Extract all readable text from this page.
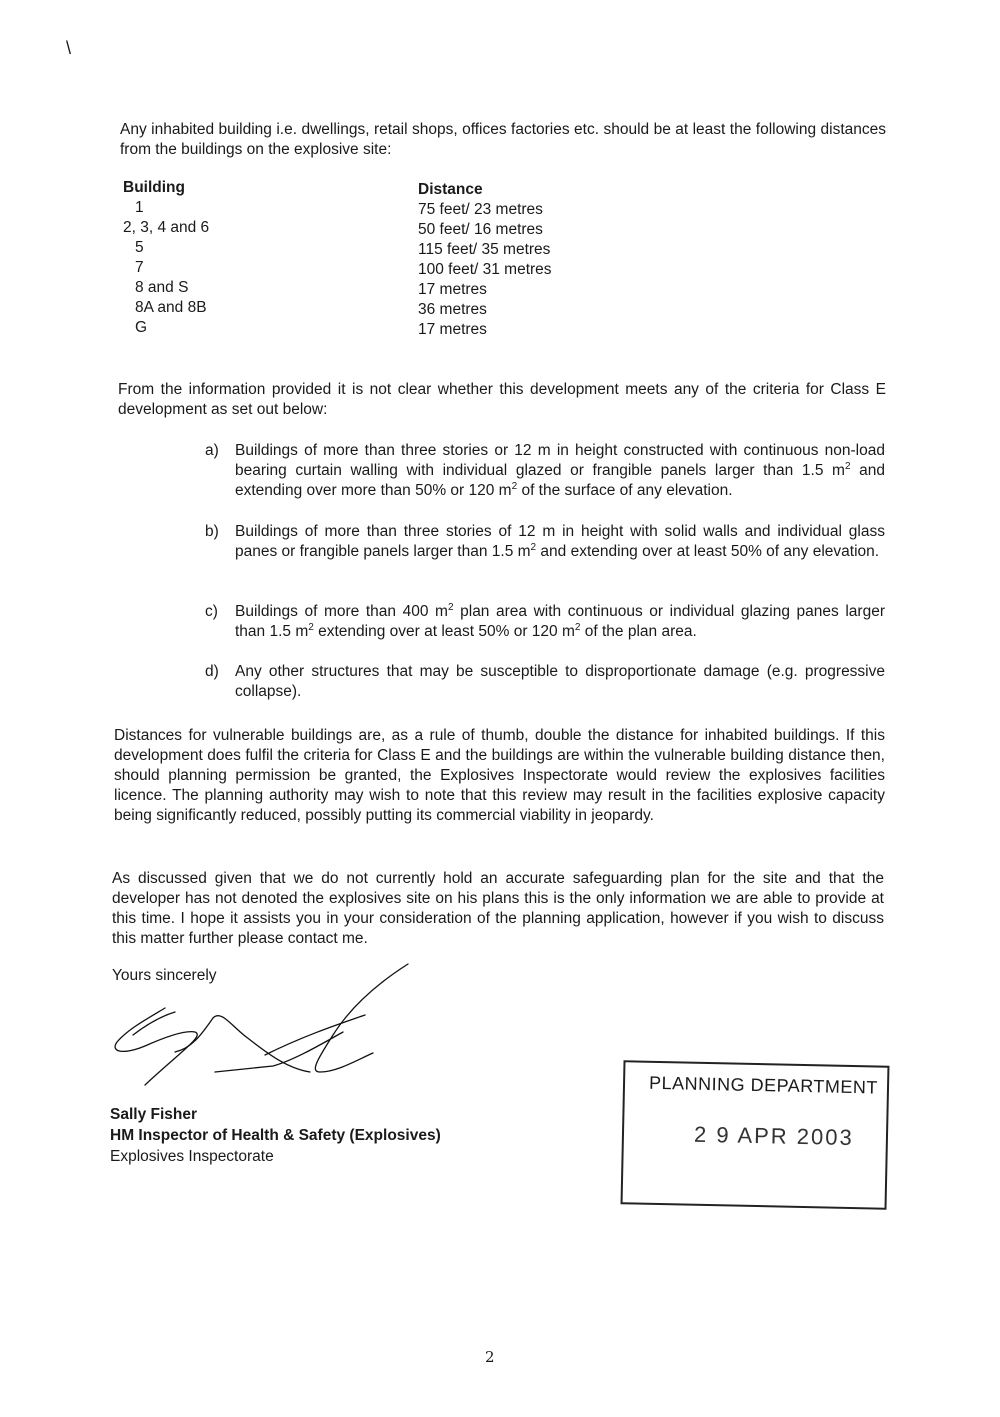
\

Any inhabited building i.e. dwellings, retail shops, offices factories etc. should be at least the following distances from the buildings on the explosive site:

Building	Distance
1	75 feet/ 23 metres
2, 3, 4 and 6	50 feet/ 16 metres
5	115 feet/ 35 metres
7	100 feet/ 31 metres
8 and S	17 metres
8A and 8B	36 metres
G	17 metres

From the information provided it is not clear whether this development meets any of the criteria for Class E development as set out below:

a) Buildings of more than three stories or 12 m in height constructed with continuous non-load bearing curtain walling with individual glazed or frangible panels larger than 1.5 $m^2$ and extending over more than 50% or 120 $m^2$ of the surface of any elevation.
b) Buildings of more than three stories of 12 m in height with solid walls and individual glass panes or frangible panels larger than 1.5 $m^2$ and extending over at least 50% of any elevation.
c) Buildings of more than 400 $m^2$ plan area with continuous or individual glazing panes larger than 1.5 $m^2$ extending over at least 50% or 120 $m^2$ of the plan area.
d) Any other structures that may be susceptible to disproportionate damage (e.g. progressive collapse).

Distances for vulnerable buildings are, as a rule of thumb, double the distance for inhabited buildings. If this development does fulfil the criteria for Class E and the buildings are within the vulnerable building distance then, should planning permission be granted, the Explosives Inspectorate would review the explosives facilities licence. The planning authority may wish to note that this review may result in the facilities explosive capacity being significantly reduced, possibly putting its commercial viability in jeopardy.

As discussed given that we do not currently hold an accurate safeguarding plan for the site and that the developer has not denoted the explosives site on his plans this is the only information we are able to provide at this time. I hope it assists you in your consideration of the planning application, however if you wish to discuss this matter further please contact me.

Yours sincerely
Sally Fisher
HM Inspector of Health & Safety (Explosives)
Explosives Inspectorate
PLANNING DEPARTMENT
2 9 APR 2003
2
